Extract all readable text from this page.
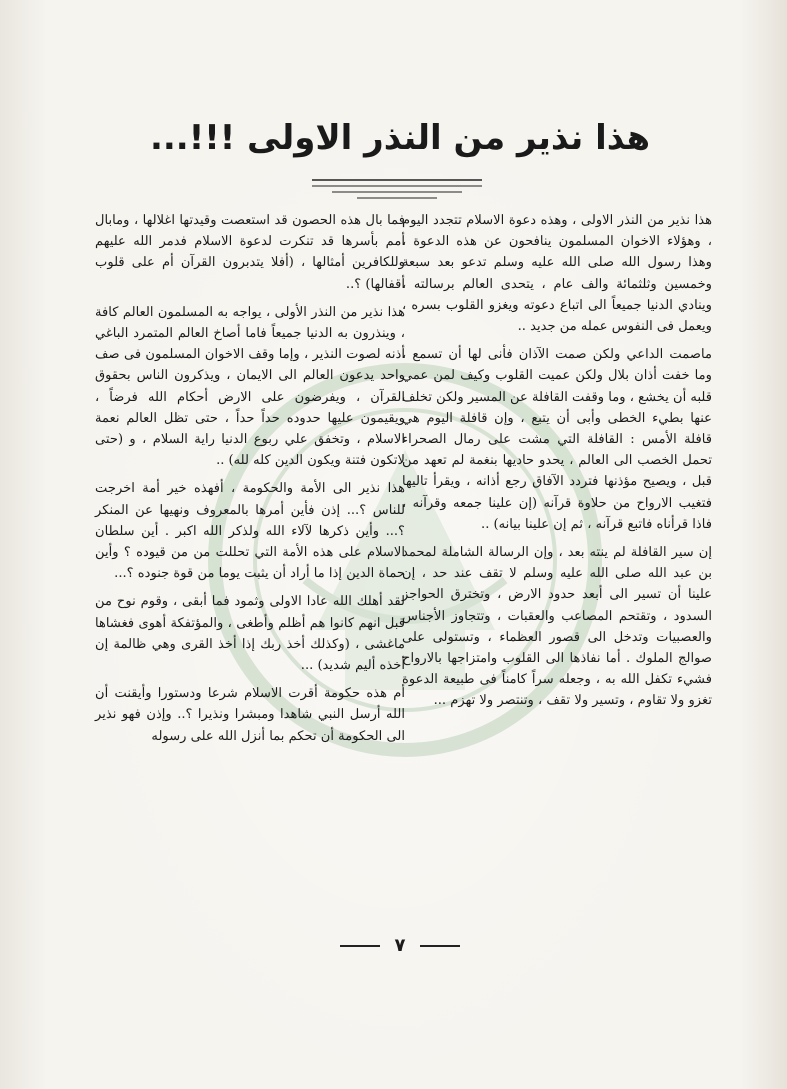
هذا نذير من النذر الاولى !!!...

هذا نذير من النذر الاولى ، وهذه دعوة الاسلام تتجدد اليوم ، وهؤلاء الاخوان المسلمون ينافحون عن هذه الدعوة ، وهذا رسول الله صلى الله عليه وسلم تدعو بعد سبعة وخمسين وثلثمائة والف عام ، يتحدى العالم برسالته ، وينادي الدنيا جميعاً الى اتباع دعوته ويغزو القلوب بسره ، ويعمل فى النفوس عمله من جديد ..

ماصمت الداعي ولكن صمت الآذان فأنى لها أن تسمع ، وما خفت أذان بلال ولكن عميت القلوب وكيف لمن عمي قلبه أن يخشع ، وما وقفت القافلة عن المسير ولكن تخلف عنها بطيء الخطى وأبى أن يتبع ، وإن قافلة اليوم هي قافلة الأمس : القافلة التي مشت على رمال الصحراء تحمل الخصب الى العالم ، يحدو حاديها بنغمة لم تعهد من قبل ، ويصيح مؤذنها فتردد الآفاق رجع أذانه ، ويقرأ تاليها فتغيب الارواح من حلاوة قرآنه (إن علينا جمعه وقرآنه ، فاذا قرأناه فاتبع قرآنه ، ثم إن علينا بيانه) ..

إن سير القافلة لم ينته بعد ، وإن الرسالة الشاملة لمحمد بن عبد الله صلى الله عليه وسلم لا تقف عند حد ، إن علينا أن تسير الى أبعد حدود الارض ، وتخترق الحواجز السدود ، وتقتحم المصاعب والعقبات ، وتتجاوز الأجناس والعصبيات وتدخل الى قصور العظماء ، وتستولى على صوالج الملوك . أما نفاذها الى القلوب وامتزاجها بالارواح فشيء تكفل الله به ، وجعله سراً كامناً فى طبيعة الدعوة تغزو ولا تقاوم ، وتسير ولا تقف ، وتنتصر ولا تهزم ...

فما بال هذه الحصون قد استعصت وقيدتها اغلالها ، ومابال أمم بأسرها قد تنكرت لدعوة الاسلام فدمر الله عليهم وللكافرين أمثالها ، (أفلا يتدبرون القرآن أم على قلوب أقفالها) ؟..

هذا نذير من النذر الأولى ، يواجه به المسلمون العالم كافة ، وينذرون به الدنيا جميعاً فاما أصاخ العالم المتمرد الباغي أذنه لصوت النذير ، وإما وقف الاخوان المسلمون فى صف واحد يدعون العالم الى الايمان ، ويذكرون الناس بحقوق القرآن ، ويفرضون على الارض أحكام الله فرضاً ، ويقيمون عليها حدوده حداً حداً ، حتى تظل العالم نعمة الاسلام ، وتخفق علي ربوع الدنيا راية السلام ، و (حتى لاتكون فتنة ويكون الدين كله لله) ..

هذا نذير الى الأمة والحكومة ، أفهذه خير أمة اخرجت للناس ؟... إذن فأين أمرها بالمعروف ونهيها عن المنكر ؟... وأين ذكرها لآلاء الله ولذكر الله اكبر . أين سلطان الاسلام على هذه الأمة التي تحللت من من قيوده ؟ وأين حماة الدين إذا ما أراد أن يثبت يوما من قوة جنوده ؟...

لقد أهلك الله عادا الاولى وثمود فما أبقى ، وقوم نوح من قبل انهم كانوا هم أظلم وأطغى ، والمؤتفكة أهوى فغشاها ماغشى ، (وكذلك أخذ ربك إذا أخذ القرى وهي ظالمة إن أخذه أليم شديد) ...

أم هذه حكومة أقرت الاسلام شرعا ودستورا وأيقنت أن الله أرسل النبي شاهدا ومبشرا ونذيرا ؟.. وإذن فهو نذير الى الحكومة أن تحكم بما أنزل الله على رسوله

٧
